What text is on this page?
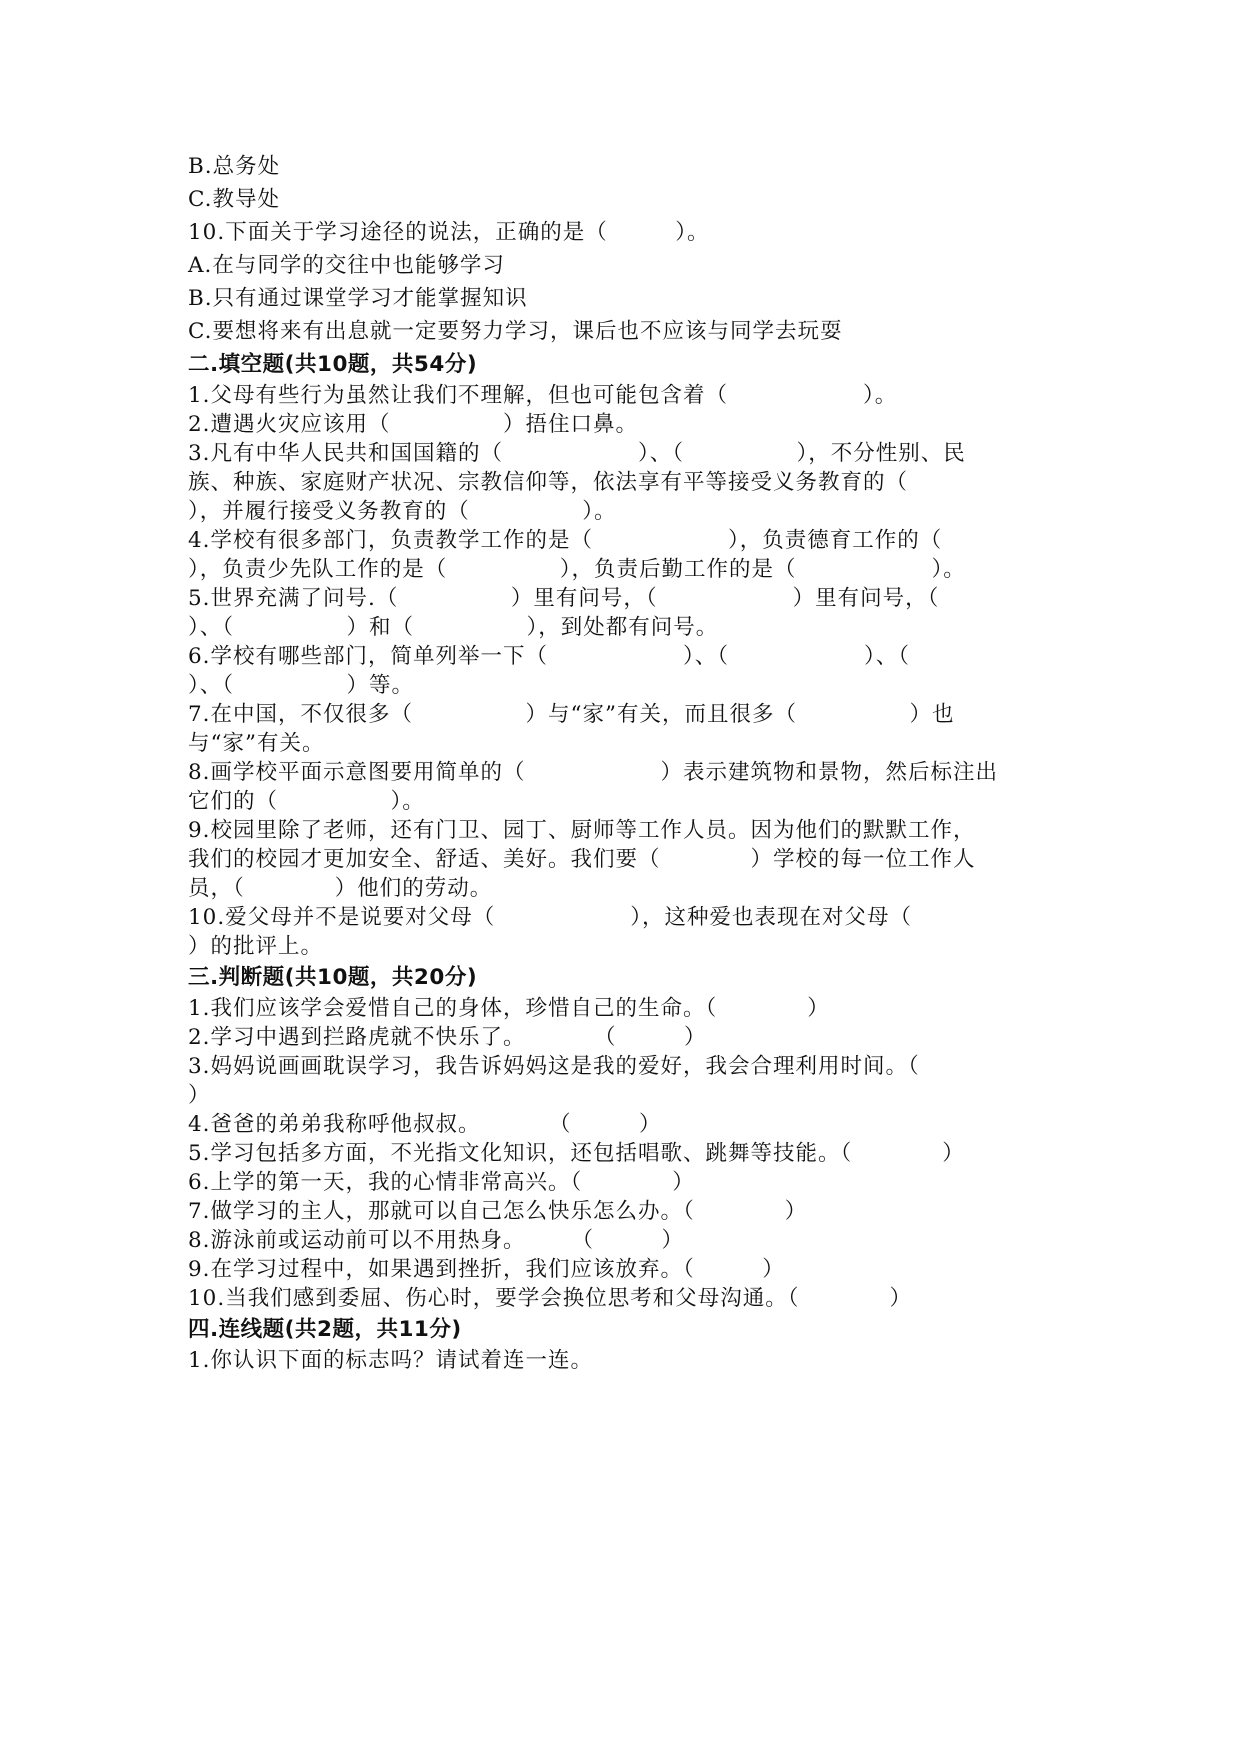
B.总务处
C.教导处
10.下面关于学习途径的说法，正确的是（　　　）。
A.在与同学的交往中也能够学习
B.只有通过课堂学习才能掌握知识
C.要想将来有出息就一定要努力学习，课后也不应该与同学去玩耍
二.填空题(共10题，共54分)
1.父母有些行为虽然让我们不理解，但也可能包含着（　　　　　　）。
2.遭遇火灾应该用（　　　　　）捂住口鼻。
3.凡有中华人民共和国国籍的（　　　　　　）、（　　　　　），不分性别、民
族、种族、家庭财产状况、宗教信仰等，依法享有平等接受义务教育的（
），并履行接受义务教育的（　　　　　）。
4.学校有很多部门，负责教学工作的是（　　　　　　），负责德育工作的（
），负责少先队工作的是（　　　　　），负责后勤工作的是（　　　　　　）。
5.世界充满了问号.（　　　　　）里有问号，（　　　　　　）里有问号，（
）、（　　　　　）和（　　　　　），到处都有问号。
6.学校有哪些部门，简单列举一下（　　　　　　）、（　　　　　　）、（
）、（　　　　　）等。
7.在中国，不仅很多（　　　　　）与“家”有关，而且很多（　　　　　）也
与“家”有关。
8.画学校平面示意图要用简单的（　　　　　　）表示建筑物和景物，然后标注出
它们的（　　　　　）。
9.校园里除了老师，还有门卫、园丁、厨师等工作人员。因为他们的默默工作，
我们的校园才更加安全、舒适、美好。我们要（　　　　）学校的每一位工作人
员，（　　　　）他们的劳动。
10.爱父母并不是说要对父母（　　　　　　），这种爱也表现在对父母（
）的批评上。
三.判断题(共10题，共20分)
1.我们应该学会爱惜自己的身体，珍惜自己的生命。（　　　　）
2.学习中遇到拦路虎就不快乐了。　　　　（　　　）
3.妈妈说画画耽误学习，我告诉妈妈这是我的爱好，我会合理利用时间。（
）
4.爸爸的弟弟我称呼他叔叔。　　　　（　　　）
5.学习包括多方面，不光指文化知识，还包括唱歌、跳舞等技能。（　　　　）
6.上学的第一天，我的心情非常高兴。（　　　　）
7.做学习的主人，那就可以自己怎么快乐怎么办。（　　　　）
8.游泳前或运动前可以不用热身。　　　（　　　）
9.在学习过程中，如果遇到挫折，我们应该放弃。（　　　）
10.当我们感到委屈、伤心时，要学会换位思考和父母沟通。（　　　　）
四.连线题(共2题，共11分)
1.你认识下面的标志吗？请试着连一连。
